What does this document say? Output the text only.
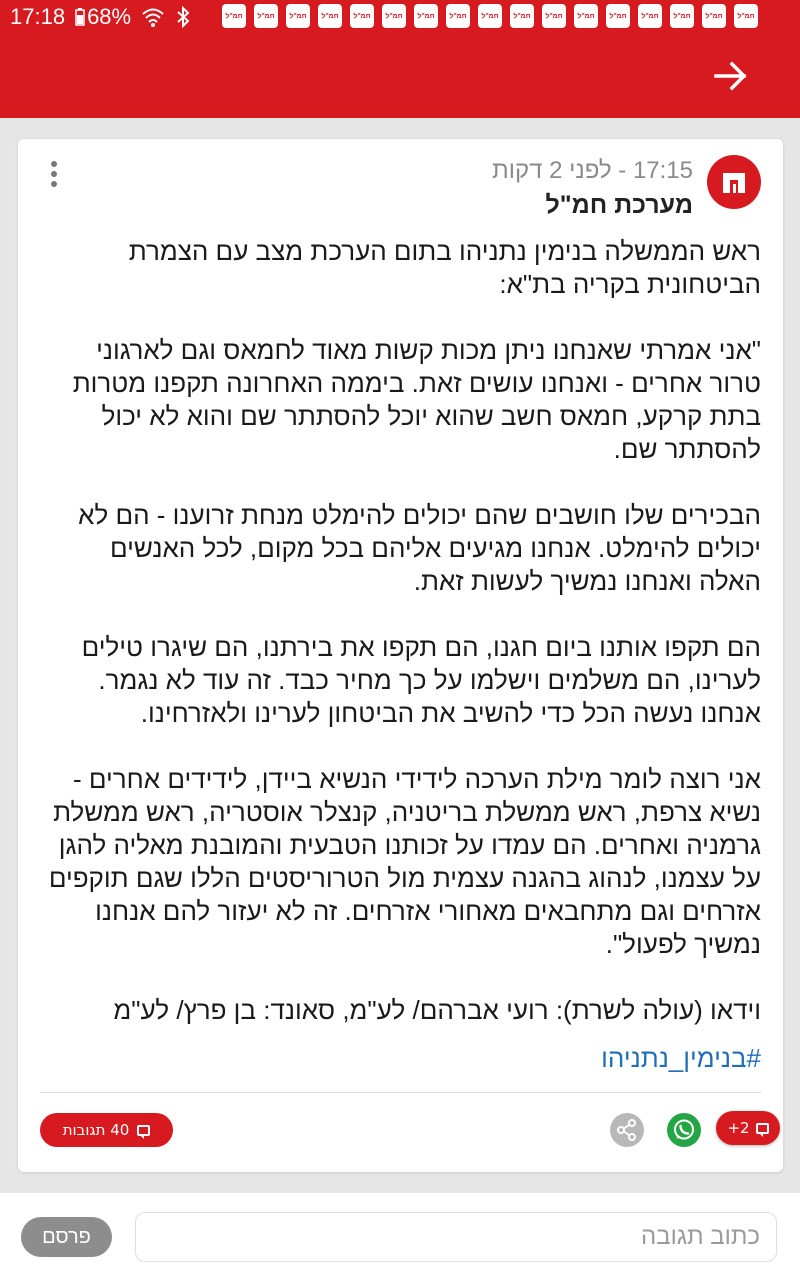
17:18 68%	חמ"ל	חמ"ל	חמ"ל	חמ"ל	חמ"ל	חמ"ל	חמ"ל	חמ"ל	חמ"ל	חמ"ל	חמ"ל	חמ"ל	חמ"ל	חמ"ל	חמ"ל	חמ"ל	חמ"ל
17:15 - לפני 2 דקות
מערכת חמ"ל

ראש הממשלה בנימין נתניהו בתום הערכת מצב עם הצמרת הביטחונית בקריה בת"א:

"אני אמרתי שאנחנו ניתן מכות קשות מאוד לחמאס וגם לארגוני טרור אחרים - ואנחנו עושים זאת. ביממה האחרונה תקפנו מטרות בתת קרקע, חמאס חשב שהוא יוכל להסתתר שם והוא לא יכול להסתתר שם.

הבכירים שלו חושבים שהם יכולים להימלט מנחת זרוענו - הם לא יכולים להימלט. אנחנו מגיעים אליהם בכל מקום, לכל האנשים האלה ואנחנו נמשיך לעשות זאת.

הם תקפו אותנו ביום חגנו, הם תקפו את בירתנו, הם שיגרו טילים לערינו, הם משלמים וישלמו על כך מחיר כבד. זה עוד לא נגמר. אנחנו נעשה הכל כדי להשיב את הביטחון לערינו ולאזרחינו.

אני רוצה לומר מילת הערכה לידידי הנשיא ביידן, לידידים אחרים - נשיא צרפת, ראש ממשלת בריטניה, קנצלר אוסטריה, ראש ממשלת גרמניה ואחרים. הם עמדו על זכותנו הטבעית והמובנת מאליה להגן על עצמנו, לנהוג בהגנה עצמית מול הטרוריסטים הללו שגם תוקפים אזרחים וגם מתחבאים מאחורי אזרחים. זה לא יעזור להם אנחנו נמשיך לפעול".

וידאו (עולה לשרת): רועי אברהם/ לע"מ, סאונד: בן פרץ/ לע"מ

#בנימין_נתניהו
40 תגובות	+2
פרסם
כתוב תגובה
